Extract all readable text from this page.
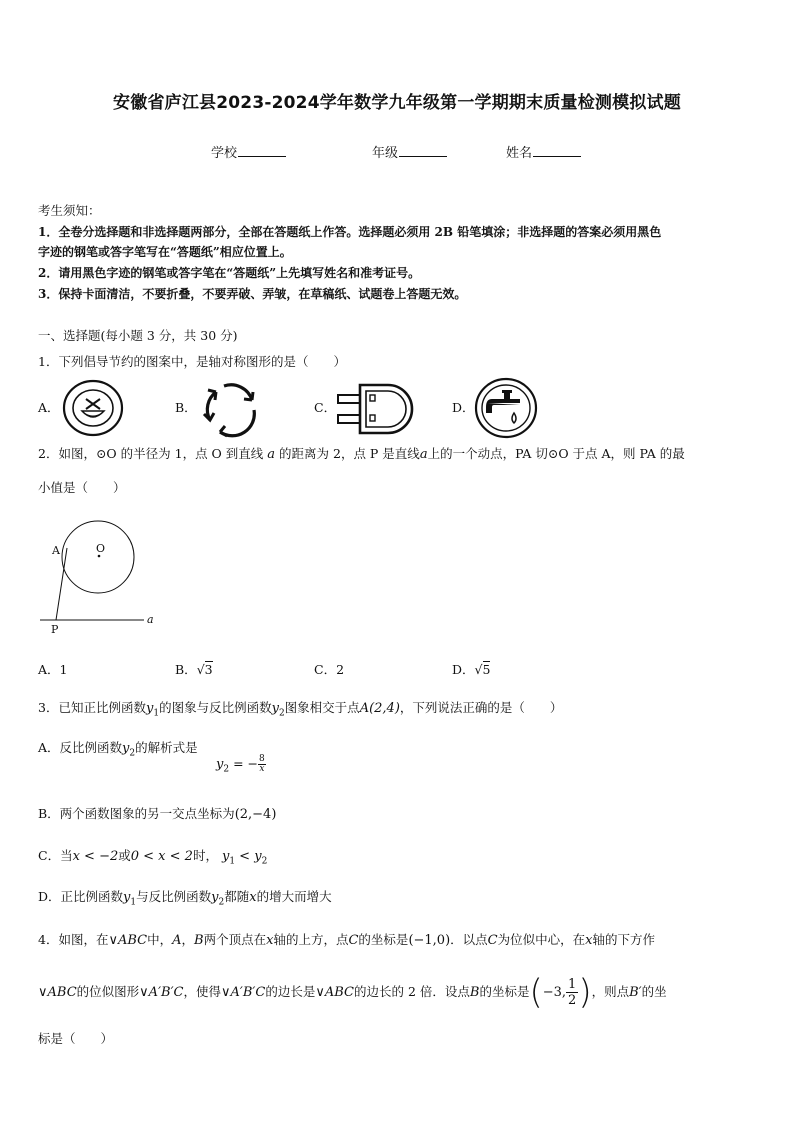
安徽省庐江县2023-2024学年数学九年级第一学期期末质量检测模拟试题
学校	年级	姓名
考生须知：
1．全卷分选择题和非选择题两部分，全部在答题纸上作答。选择题必须用 2B 铅笔填涂；非选择题的答案必须用黑色
字迹的钢笔或答字笔写在“答题纸”相应位置上。
2．请用黑色字迹的钢笔或答字笔在“答题纸”上先填写姓名和准考证号。
3．保持卡面清洁，不要折叠，不要弄破、弄皱，在草稿纸、试题卷上答题无效。
一、选择题(每小题 3 分，共 30 分)
1．下列倡导节约的图案中，是轴对称图形的是（　　）
A．	B．	C．	D．
2．如图，⊙O 的半径为 1，点 O 到直线 a 的距离为 2，点 P 是直线a上的一个动点，PA 切⊙O 于点 A，则 PA 的最
小值是（　　）
A	O
P
a
A．1	B．√3	C．2	D．√5
3．已知正比例函数$y_1$的图象与反比例函数$y_2$图象相交于点A(2,4)，下列说法正确的是（　　）
A．反比例函数$y_2$的解析式是
$y_2$ = − $\frac{8}{x}$
B．两个函数图象的另一交点坐标为(2,−4)
C．当x < −2或0 < x < 2时， $y_1 < y_2$
D．正比例函数$y_1$与反比例函数$y_2$都随x的增大而增大
4．如图，在∨ABC中，A，B两个顶点在x轴的上方，点C的坐标是(−1,0)．以点C为位似中心，在x轴的下方作
∨ABC的位似图形∨A′B′C，使得∨A′B′C的边长是∨ABC的边长的 2 倍．设点B的坐标是(−3, $\frac{1}{2}$ )，则点B′的坐
标是（　　）
